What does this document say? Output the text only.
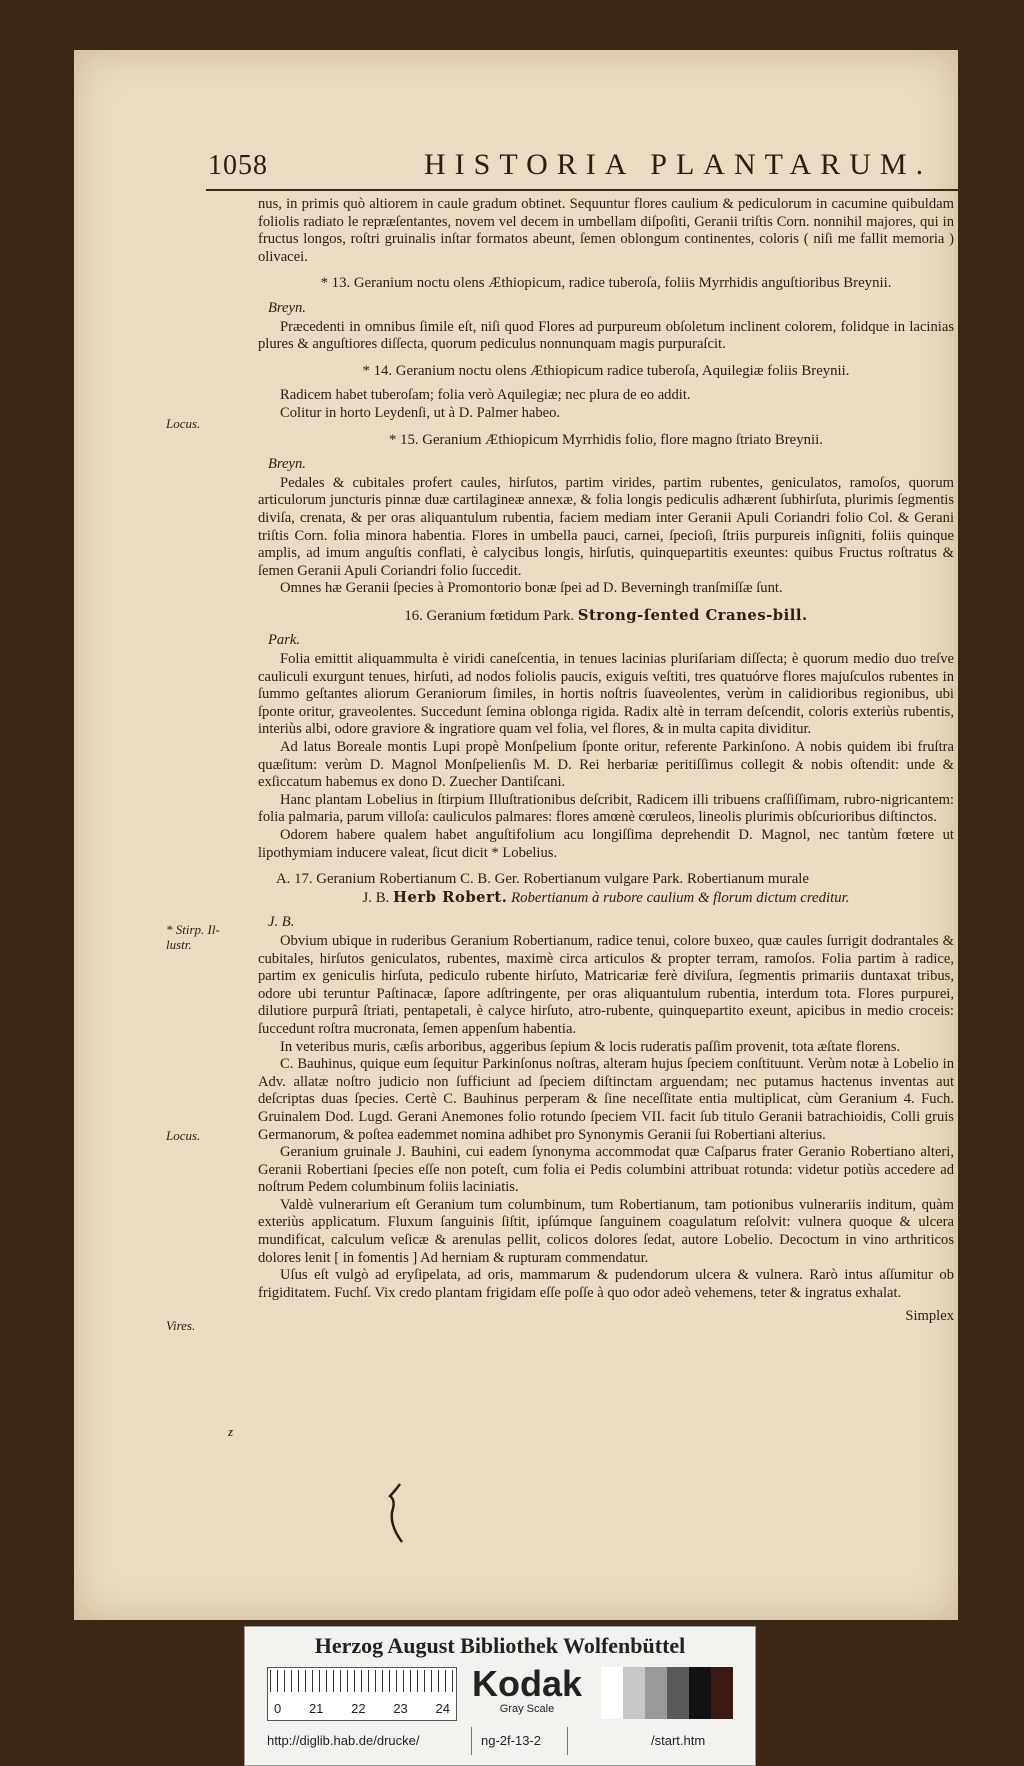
1058	HISTORIA PLANTARUM.
Locus.
* Stirp. Il-
lustr.
Locus.
Vires.
z

nus, in primis quò altiorem in caule gradum obtinet. Sequuntur flores caulium & pediculorum in cacumine quibuldam foliolis radiato le repræſentantes, novem vel decem in umbellam diſpoſiti, Geranii triſtis Corn. nonnihil majores, qui in fructus longos, roſtri gruinalis inſtar formatos abeunt, ſemen oblongum continentes, coloris ( niſi me fallit memoria ) olivacei.

* 13. Geranium noctu olens Æthiopicum, radice tuberoſa, foliis Myrrhidis anguſtioribus Breynii.

Breyn.

Præcedenti in omnibus ſimile eſt, niſi quod Flores ad purpureum obſoletum inclinent colorem, folidque in lacinias plures & anguſtiores diſſecta, quorum pediculus nonnunquam magis purpuraſcit.

* 14. Geranium noctu olens Æthiopicum radice tuberoſa, Aquilegiæ foliis Breynii.

Radicem habet tuberoſam; folia verò Aquilegiæ; nec plura de eo addit.

Colitur in horto Leydenſi, ut à D. Palmer habeo.

* 15. Geranium Æthiopicum Myrrhidis folio, flore magno ſtriato Breynii.

Breyn.

Pedales & cubitales profert caules, hirſutos, partim virides, partim rubentes, geniculatos, ramoſos, quorum articulorum juncturis pinnæ duæ cartilagineæ annexæ, & folia longis pediculis adhærent ſubhirſuta, plurimis ſegmentis diviſa, crenata, & per oras aliquantulum rubentia, faciem mediam inter Geranii Apuli Coriandri folio Col. & Gerani triſtis Corn. folia minora habentia. Flores in umbella pauci, carnei, ſpecioſi, ſtriis purpureis inſigniti, foliis quinque amplis, ad imum anguſtis conflati, è calycibus longis, hirſutis, quinquepartitis exeuntes: quibus Fructus roſtratus & ſemen Geranii Apuli Coriandri folio ſuccedit.

Omnes hæ Geranii ſpecies à Promontorio bonæ ſpei ad D. Beverningh tranſmiſſæ ſunt.

16. Geranium fœtidum Park. Strong-ſented Cranes-bill.

Park.

Folia emittit aliquammulta è viridi caneſcentia, in tenues lacinias pluriſariam diſſecta; è quorum medio duo treſve cauliculi exurgunt tenues, hirſuti, ad nodos foliolis paucis, exiguis veſtiti, tres quatuórve flores majuſculos rubentes in ſummo geſtantes aliorum Geraniorum ſimiles, in hortis noſtris ſuaveolentes, verùm in calidioribus regionibus, ubi ſponte oritur, graveolentes. Succedunt ſemina oblonga rigida. Radix altè in terram deſcendit, coloris exteriùs rubentis, interiùs albi, odore graviore & ingratiore quam vel folia, vel flores, & in multa capita dividitur.

Ad latus Boreale montis Lupi propè Monſpelium ſponte oritur, referente Parkinſono. A nobis quidem ibi fruſtra quæſitum: verùm D. Magnol Monſpelienſis M. D. Rei herbariæ peritiſſimus collegit & nobis oſtendit: unde & exſiccatum habemus ex dono D. Zuecher Dantiſcani.

Hanc plantam Lobelius in ſtirpium Illuſtrationibus deſcribit, Radicem illi tribuens craſſiſſimam, rubro-nigricantem: folia palmaria, parum villoſa: cauliculos palmares: flores amœnè cœruleos, lineolis plurimis obſcurioribus diſtinctos.

Odorem habere qualem habet anguſtifolium acu longiſſima deprehendit D. Magnol, nec tantùm fœtere ut lipothymiam inducere valeat, ſicut dicit * Lobelius.

A. 17. Geranium Robertianum C. B. Ger. Robertianum vulgare Park. Robertianum murale

J. B. Herb Robert. Robertianum à rubore caulium & florum dictum creditur.

J. B.

Obvium ubique in ruderibus Geranium Robertianum, radice tenui, colore buxeo, quæ caules ſurrigit dodrantales & cubitales, hirſutos geniculatos, rubentes, maximè circa articulos & propter terram, ramoſos. Folia partim à radice, partim ex geniculis hirſuta, pediculo rubente hirſuto, Matricariæ ferè diviſura, ſegmentis primariis duntaxat tribus, odore ubi teruntur Paſtinacæ, ſapore adſtringente, per oras aliquantulum rubentia, interdum tota. Flores purpurei, dilutiore purpurâ ſtriati, pentapetali, è calyce hirſuto, atro-rubente, quinquepartito exeunt, apicibus in medio croceis: ſuccedunt roſtra mucronata, ſemen appenſum habentia.

In veteribus muris, cæſis arboribus, aggeribus ſepium & locis ruderatis paſſim provenit, tota æſtate florens.

C. Bauhinus, quique eum ſequitur Parkinſonus noſtras, alteram hujus ſpeciem conſtituunt. Verùm notæ à Lobelio in Adv. allatæ noſtro judicio non ſufficiunt ad ſpeciem diſtinctam arguendam; nec putamus hactenus inventas aut deſcriptas duas ſpecies. Certè C. Bauhinus perperam & ſine neceſſitate entia multiplicat, cùm Geranium 4. Fuch. Gruinalem Dod. Lugd. Gerani Anemones folio rotundo ſpeciem VII. facit ſub titulo Geranii batrachioidis, Colli gruis Germanorum, & poſtea eademmet nomina adhibet pro Synonymis Geranii ſui Robertiani alterius.

Geranium gruinale J. Bauhini, cui eadem ſynonyma accommodat quæ Caſparus frater Geranio Robertiano alteri, Geranii Robertiani ſpecies eſſe non poteſt, cum folia ei Pedis columbini attribuat rotunda: videtur potiùs accedere ad noſtrum Pedem columbinum foliis laciniatis.

Valdè vulnerarium eſt Geranium tum columbinum, tum Robertianum, tam potionibus vulnerariis inditum, quàm exteriùs applicatum. Fluxum ſanguinis ſiſtit, ipſúmque ſanguinem coagulatum reſolvit: vulnera quoque & ulcera mundificat, calculum veſicæ & arenulas pellit, colicos dolores ſedat, autore Lobelio. Decoctum in vino arthriticos dolores lenit [ in fomentis ] Ad herniam & rupturam commendatur.

Uſus eſt vulgò ad eryſipelata, ad oris, mammarum & pudendorum ulcera & vulnera. Rarò intus aſſumitur ob frigiditatem. Fuchſ. Vix credo plantam frigidam eſſe poſſe à quo odor adeò vehemens, teter & ingratus exhalat.

Simplex

Herzog August Bibliothek Wolfenbüttel
0 21 22 23 24
Kodak
Gray Scale
http://diglib.hab.de/drucke/	ng-2f-13-2	/start.htm
